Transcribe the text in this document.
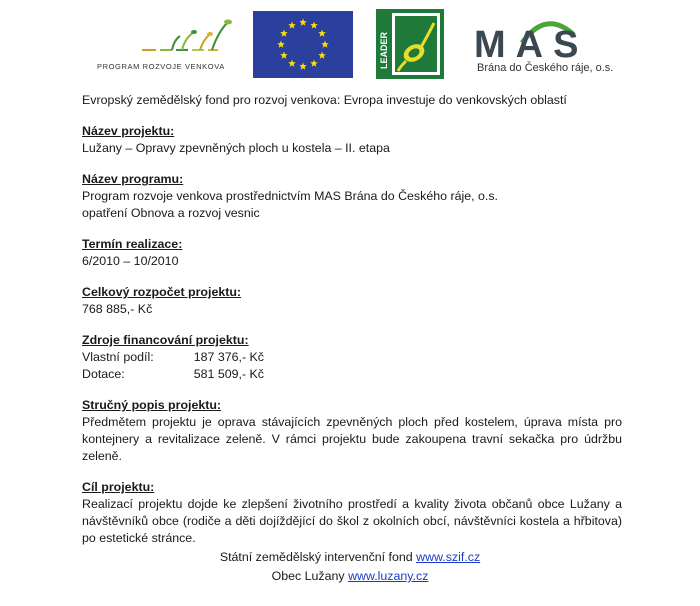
PROGRAM ROZVOJE VENKOVA	LEADER MAS
Brána do Českého ráje, o.s.

Evropský zemědělský fond pro rozvoj venkova: Evropa investuje do venkovských oblastí

Název projektu:

Lužany – Opravy zpevněných ploch u kostela – II. etapa

Název programu:

Program rozvoje venkova prostřednictvím MAS Brána do Českého ráje, o.s.

opatření Obnova a rozvoj vesnic

Termín realizace:

6/2010 – 10/2010

Celkový rozpočet projektu:

768 885,- Kč

Zdroje financování projektu:

Vlastní podíl:	187 376,- Kč
Dotace:	581 509,- Kč

Stručný popis projektu:

Předmětem projektu je oprava stávajících zpevněných ploch před kostelem, úprava místa pro kontejnery a revitalizace zeleně. V rámci projektu bude zakoupena travní sekačka pro údržbu zeleně.

Cíl projektu:

Realizací projektu dojde ke zlepšení životního prostředí a kvality života občanů obce Lužany a návštěvníků obce (rodiče a děti dojíždějící do škol z okolních obcí, návštěvníci kostela a hřbitova) po estetické stránce.

Státní zemědělský intervenční fond www.szif.cz
Obec Lužany www.luzany.cz
